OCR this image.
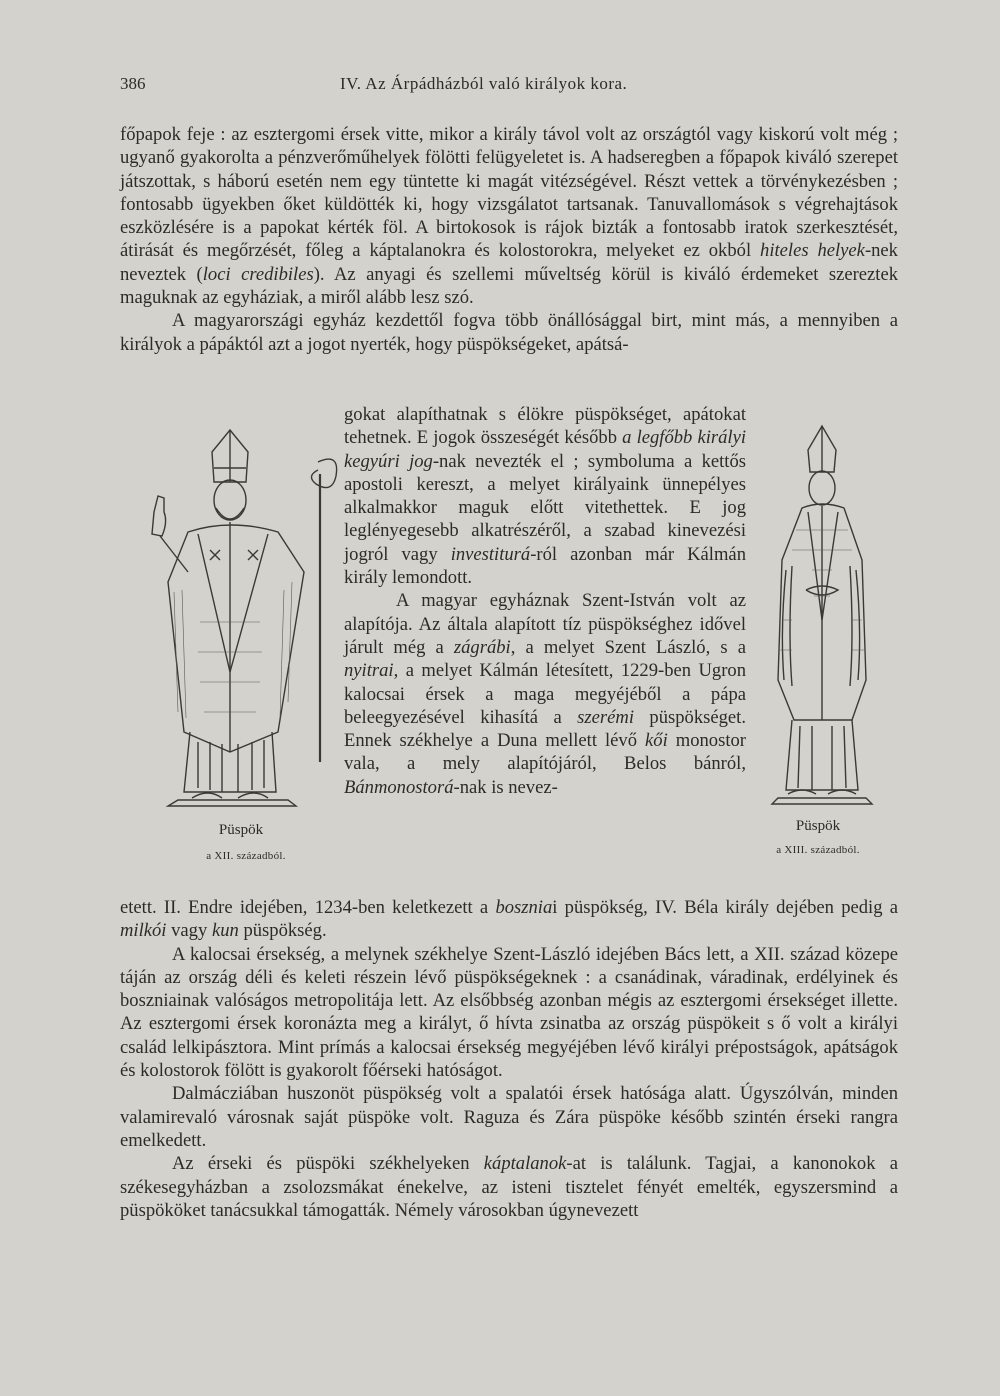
386	IV. Az Árpádházból való királyok kora.

főpapok feje : az esztergomi érsek vitte, mikor a király távol volt az országtól vagy kiskorú volt még ; ugyanő gyakorolta a pénzverőműhelyek fölötti felügyeletet is. A hadseregben a főpapok kiváló szerepet játszottak, s háború esetén nem egy tüntette ki magát vitézségével. Részt vettek a törvénykezésben ; fontosabb ügyekben őket küldötték ki, hogy vizsgálatot tartsanak. Tanuvallomások s végrehajtások eszközlésére is a papokat kérték föl. A birtokosok is rájok bizták a fontosabb iratok szerkesztését, átirását és megőrzését, főleg a káptalanokra és kolostorokra, melyeket ez okból hiteles helyek-nek neveztek (loci credibiles). Az anyagi és szellemi műveltség körül is kiváló érdemeket szereztek maguknak az egyháziak, a miről alább lesz szó.

A magyarországi egyház kezdettől fogva több önállósággal birt, mint más, a mennyiben a királyok a pápáktól azt a jogot nyerték, hogy püspökségeket, apátsá-

Püspök
a XII. századból.
Püspök
a XIII. századból.

gokat alapíthatnak s élökre püspökséget, apátokat tehetnek. E jogok összeségét később a legfőbb királyi kegyúri jog-nak nevezték el ; symboluma a kettős apostoli kereszt, a melyet királyaink ünnepélyes alkalmakkor maguk előtt vitethettek. E jog leglényegesebb alkatrészéről, a szabad kinevezési jogról vagy investiturá-ról azonban már Kálmán király lemondott.

A magyar egyháznak Szent-István volt az alapítója. Az általa alapított tíz püspökséghez idővel járult még a zágrábi, a melyet Szent László, s a nyitrai, a melyet Kálmán létesített, 1229-ben Ugron kalocsai érsek a maga megyéjéből a pápa beleegyezésével kihasítá a szerémi püspökséget. Ennek székhelye a Duna mellett lévő kői monostor vala, a mely alapítójáról, Belos bánról, Bánmonostorá-nak is nevez-

etett. II. Endre idejében, 1234-ben keletkezett a boszniai püspökség, IV. Béla király dejében pedig a milkói vagy kun püspökség.

A kalocsai érsekség, a melynek székhelye Szent-László idejében Bács lett, a XII. század közepe táján az ország déli és keleti részein lévő püspökségeknek : a csanádinak, váradinak, erdélyinek és boszniainak valóságos metropolitája lett. Az elsőbbség azonban mégis az esztergomi érsekséget illette. Az esztergomi érsek koronázta meg a királyt, ő hívta zsinatba az ország püspökeit s ő volt a királyi család lelkipásztora. Mint prímás a kalocsai érsekség megyéjében lévő királyi prépostságok, apátságok és kolostorok fölött is gyakorolt főérseki hatóságot.

Dalmácziában huszonöt püspökség volt a spalatói érsek hatósága alatt. Úgyszólván, minden valamirevaló városnak saját püspöke volt. Raguza és Zára püspöke később szintén érseki rangra emelkedett.

Az érseki és püspöki székhelyeken káptalanok-at is találunk. Tagjai, a kanonokok a székesegyházban a zsolozsmákat énekelve, az isteni tisztelet fényét emelték, egyszersmind a püspököket tanácsukkal támogatták. Némely városokban úgynevezett
